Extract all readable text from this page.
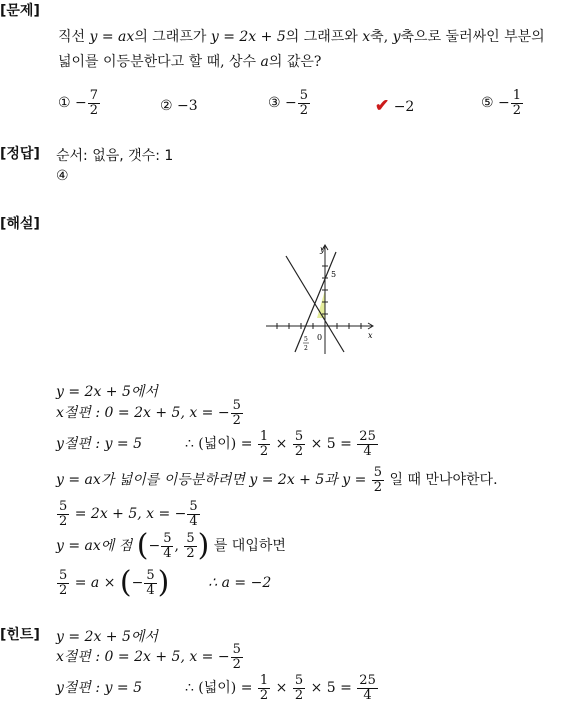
[문제]
[정답]
[해설]
[힌트]
직선 y = ax의 그래프가 y = 2x + 5의 그래프와 x축, y축으로 둘러싸인 부분의
넓이를 이등분한다고 할 때, 상수 a의 값은?
① − $\frac{7}{2}$	② −3	③ − $\frac{5}{2}$	✔ −2	⑤ − $\frac{1}{2}$
순서: 없음, 갯수: 1
④
y
x
5
0
5
2
y = 2x + 5에서
x절편 : 0 = 2x + 5, x = − $\frac{5}{2}$
y절편 : y = 5	∴ (넓이) = $\frac{1}{2} \times \frac{5}{2} \times 5 = \frac{25}{4}$
y = ax가 넓이를 이등분하려면 y = 2x + 5과 $y = \frac{5}{2}$ 일 때 만나야한다.
$\frac{5}{2} = 2x + 5$, x = − $\frac{5}{4}$
y = ax에 점 (− $\frac{5}{4}$ , $\frac{5}{2}$ ) 를 대입하면
$\frac{5}{2} = a$ × (− $\frac{5}{4}$ )	∴ a = −2
y = 2x + 5에서
x절편 : 0 = 2x + 5, x = − $\frac{5}{2}$
y절편 : y = 5	∴ (넓이) = $\frac{1}{2} \times \frac{5}{2} \times 5 = \frac{25}{4}$
